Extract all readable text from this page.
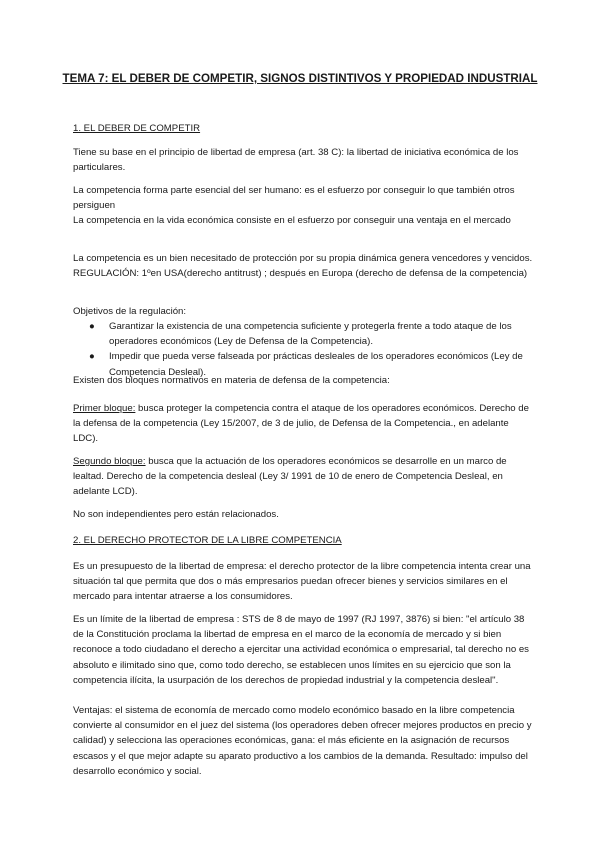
TEMA 7: EL DEBER DE COMPETIR, SIGNOS DISTINTIVOS Y PROPIEDAD INDUSTRIAL
1. EL DEBER DE COMPETIR

Tiene su base en el principio de libertad de empresa (art. 38 C): la libertad de iniciativa económica de los particulares.

La competencia forma parte esencial del ser humano: es el esfuerzo por conseguir lo que también otros persiguen
La competencia en la vida económica consiste en el esfuerzo por conseguir una ventaja en el mercado

La competencia es un bien necesitado de protección por su propia dinámica genera vencedores y vencidos. REGULACIÓN: 1ºen USA(derecho antitrust) ; después en Europa (derecho de defensa de la competencia)

Objetivos de la regulación:
● Garantizar la existencia de una competencia suficiente y protegerla frente a todo ataque de los operadores económicos (Ley de Defensa de la Competencia).
● Impedir que pueda verse falseada por prácticas desleales de los operadores económicos (Ley de Competencia Desleal).
Existen dos bloques normativos en materia de defensa de la competencia:

Primer bloque: busca proteger la competencia contra el ataque de los operadores económicos. Derecho de la defensa de la competencia (Ley 15/2007, de 3 de julio, de Defensa de la Competencia., en adelante LDC).

Segundo bloque: busca que la actuación de los operadores económicos se desarrolle en un marco de lealtad. Derecho de la competencia desleal (Ley 3/ 1991 de 10 de enero de Competencia Desleal, en adelante LCD).

No son independientes pero están relacionados.
2. EL DERECHO PROTECTOR DE LA LIBRE COMPETENCIA

Es un presupuesto de la libertad de empresa: el derecho protector de la libre competencia intenta crear una situación tal que permita que dos o más empresarios puedan ofrecer bienes y servicios similares en el mercado para intentar atraerse a los consumidores.

Es un límite de la libertad de empresa : STS de 8 de mayo de 1997 (RJ 1997, 3876) si bien: "el artículo 38 de la Constitución proclama la libertad de empresa en el marco de la economía de mercado y si bien reconoce a todo ciudadano el derecho a ejercitar una actividad económica o empresarial, tal derecho no es absoluto e ilimitado sino que, como todo derecho, se establecen unos límites en su ejercicio que son la competencia ilícita, la usurpación de los derechos de propiedad industrial y la competencia desleal".

Ventajas: el sistema de economía de mercado como modelo económico basado en la libre competencia convierte al consumidor en el juez del sistema (los operadores deben ofrecer mejores productos en precio y calidad) y selecciona las operaciones económicas, gana: el más eficiente en la asignación de recursos escasos y el que mejor adapte su aparato productivo a los cambios de la demanda. Resultado: impulso del desarrollo económico y social.
